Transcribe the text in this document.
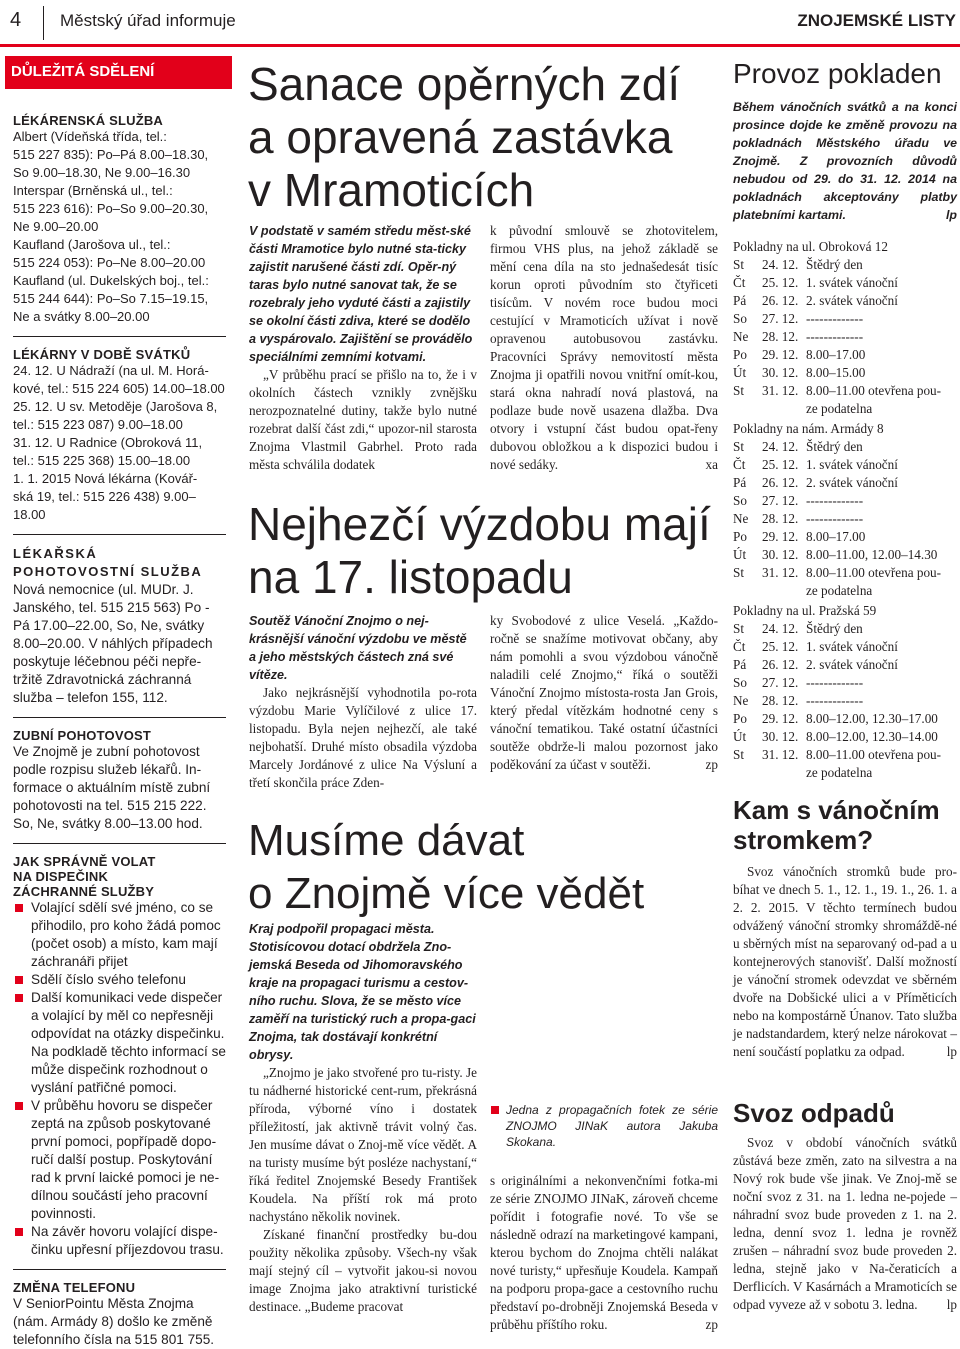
4 Městský úřad informuje	ZNOJEMSKÉ LISTY
DŮLEŽITÁ SDĚLENÍ
LÉKÁRENSKÁ SLUŽBA

Albert (Vídeňská třída, tel.:

515 227 835): Po–Pá 8.00–18.30,

So 9.00–18.30, Ne 9.00–16.30

Interspar (Brněnská ul., tel.:

515 223 616): Po–So 9.00–20.30,

Ne 9.00–20.00

Kaufland (Jarošova ul., tel.:

515 224 053): Po–Ne 8.00–20.00

Kaufland (ul. Dukelských boj., tel.:

515 244 644): Po–So 7.15–19.15,

Ne a svátky 8.00–20.00

LÉKÁRNY V DOBĚ SVÁTKŮ

24. 12. U Nádraží (na ul. M. Horá-

kové, tel.: 515 224 605) 14.00–18.00

25. 12. U sv. Metoděje (Jarošova 8,

tel.: 515 223 087) 9.00–18.00

31. 12. U Radnice (Obroková 11,

tel.: 515 225 368) 15.00–18.00

1. 1. 2015 Nová lékárna (Kovář-

ská 19, tel.: 515 226 438) 9.00–

18.00

LÉKAŘSKÁ POHOTOVOSTNÍ SLUŽBA

Nová nemocnice (ul. MUDr. J.

Janského, tel. 515 215 563) Po -

Pá 17.00–22.00, So, Ne, svátky

8.00–20.00. V náhlých případech

poskytuje léčebnou péči nepře-

tržitě Zdravotnická záchranná

služba – telefon 155, 112.

ZUBNÍ POHOTOVOST

Ve Znojmě je zubní pohotovost

podle rozpisu služeb lékařů. In-

formace o aktuálním místě zubní

pohotovosti na tel. 515 215 222.

So, Ne, svátky 8.00–13.00 hod.

JAK SPRÁVNĚ VOLAT
NA DISPEČINK
ZÁCHRANNÉ SLUŽBY
Volající sdělí své jméno, co se přihodilo, pro koho žádá pomoc (počet osob) a místo, kam mají záchranáři přijet
Sdělí číslo svého telefonu
Další komunikaci vede dispečer a volající by měl co nepřesněji odpovídat na otázky dispečinku. Na podkladě těchto informací se může dispečink rozhodnout o vyslání patřičné pomoci.
V průběhu hovoru se dispečer zeptá na způsob poskytované první pomoci, popřípadě dopo-ručí další postup. Poskytování rad k první laické pomoci je ne-dílnou součástí jeho pracovní povinnosti.
Na závěr hovoru volající dispe-činku upřesní příjezdovou trasu.
ZMĚNA TELEFONU

V SeniorPointu Města Znojma

(nám. Armády 8) došlo ke změně

telefonního čísla na 515 801 755.

Sanace opěrných zdí
a opravená zastávka
v Mramoticích
V podstatě v samém středu měst-ské části Mramotice bylo nutné sta-ticky zajistit narušené části zdí. Opěr-ný taras bylo nutné sanovat tak, že se rozebraly jeho vyduté části a zajistily se okolní části zdiva, které se dodělo a vyspárovalo. Zajištění se provádělo speciálními zemními kotvami.
„V průběhu prací se přišlo na to, že i v okolních částech vznikly zvnějšku nerozpoznatelné dutiny, takže bylo nutné rozebrat další část zdi,“ upozor-nil starosta Znojma Vlastmil Gabrhel. Proto rada města schválila dodatek
k původní smlouvě se zhotovitelem, firmou VHS plus, na jehož základě se mění cena díla na sto jednašedesát tisíc korun oproti původním sto čtyřiceti tisícům. V novém roce budou moci cestující v Mramoticích užívat i nově opravenou autobusovou zastávku. Pracovníci Správy nemovitostí města Znojma ji opatřili novou vnitřní omít-kou, stará okna nahradí nová plastová, na podlaze bude nově usazena dlažba. Dva otvory i vstupní část budou opat-řeny dubovou obložkou a k dispozici budou i nové sedáky.	xa
Nejhezčí výzdobu mají
na 17. listopadu
Soutěž Vánoční Znojmo o nej-krásnější vánoční výzdobu ve městě a jeho městských částech zná své vítěze.
Jako nejkrásnější vyhodnotila po-rota výzdobu Marie Vylíčilové z ulice 17. listopadu. Byla nejen nejhezčí, ale také nejbohatší. Druhé místo obsadila výzdoba Marcely Jordánové z ulice Na Výsluní a třetí skončila práce Zden-
ky Svobodové z ulice Veselá. „Každo-ročně se snažíme motivovat občany, aby nám pomohli a svou výzdobou vánočně naladili celé Znojmo,“ říká o soutěži Vánoční Znojmo místosta-rosta Jan Grois, který předal vítězkám hodnotné ceny s vánoční tematikou. Také ostatní účastníci soutěže obdrže-li malou pozornost jako poděkování za účast v soutěži.	zp
Musíme dávat
o Znojmě více vědět
Kraj podpořil propagaci města. Stotisícovou dotací obdržela Zno-jemská Beseda od Jihomoravského kraje na propagaci turismu a cestov-ního ruchu. Slova, že se město více zaměří na turistický ruch a propa-gaci Znojma, tak dostávají konkrétní obrysy.
„Znojmo je jako stvořené pro tu-risty. Je tu nádherné historické cent-rum, překrásná příroda, výborné víno i dostatek příležitostí, jak aktivně trávit volný čas. Jen musíme dávat o Znoj-mě více vědět. A na turisty musíme být posléze nachystaní,“ říká ředitel Znojemské Besedy František Koudela. Na příští rok má proto nachystáno několik novinek.
Získané finanční prostředky bu-dou použity několika způsoby. Všech-ny však mají stejný cíl – vytvořit jakou-si novou image Znojma jako atraktivní turistické destinace. „Budeme pracovat
Jedna z propagačních fotek ze série ZNOJMO JINaK autora Jakuba Skokana.
s originálními a nekonvenčními fotka-mi ze série ZNOJMO JINaK, zároveň chceme pořídit i fotografie nové. To vše se následně odrazí na marketingové kampani, kterou bychom do Znojma chtěli nalákat nové turisty,“ upřesňuje Koudela. Kampaň na podporu propa-gace a cestovního ruchu představí po-drobněji Znojemská Beseda v průběhu příštího roku.	zp
Provoz pokladen
Během vánočních svátků a na konci prosince dojde ke změně provozu na pokladnách Městského úřadu ve Znojmě. Z provozních důvodů nebudou od 29. do 31. 12. 2014 na pokladnách akceptovány platby platebními kartami.	lp
Pokladny na ul. Obroková 12
St	24. 12. Štědrý den
Čt	25. 12. 1. svátek vánoční
Pá	26. 12. 2. svátek vánoční
So	27. 12. -------------
Ne	28. 12. -------------
Po	29. 12. 8.00–17.00
Út	30. 12. 8.00–15.00
St	31. 12. 8.00–11.00 otevřena pou-
ze podatelna
Pokladny na nám. Armády 8
St	24. 12. Štědrý den
Čt	25. 12. 1. svátek vánoční
Pá	26. 12. 2. svátek vánoční
So	27. 12. -------------
Ne	28. 12. -------------
Po	29. 12. 8.00–17.00
Út	30. 12. 8.00–11.00, 12.00–14.30
St	31. 12. 8.00–11.00 otevřena pou-
ze podatelna
Pokladny na ul. Pražská 59
St	24. 12. Štědrý den
Čt	25. 12. 1. svátek vánoční
Pá	26. 12. 2. svátek vánoční
So	27. 12. -------------
Ne	28. 12. -------------
Po	29. 12. 8.00–12.00, 12.30–17.00
Út	30. 12. 8.00–12.00, 12.30–14.00
St	31. 12. 8.00–11.00 otevřena pou-
ze podatelna
Kam s vánočním
stromkem?
Svoz vánočních stromků bude pro-bíhat ve dnech 5. 1., 12. 1., 19. 1., 26. 1. a 2. 2. 2015. V těchto termínech budou odvážený vánoční stromky shromáždě-né u sběrných míst na separovaný od-pad a u kontejnerových stanovišť. Další možností je vánoční stromek odevzdat ve sběrném dvoře na Dobšické ulici a v Příměticích nebo na kompostárně Únanov. Tato služba je nadstandardem, který nelze nárokovat – není součástí poplatku za odpad.	lp
Svoz odpadů
Svoz v období vánočních svátků zůstává beze změn, zato na silvestra a na Nový rok bude vše jinak. Ve Znoj-mě se noční svoz z 31. na 1. ledna ne-pojede – náhradní svoz bude proveden z 1. na 2. ledna, denní svoz 1. ledna je rovněž zrušen – náhradní svoz bude proveden 2. ledna, stejně jako v Na-čeraticích a Derflicích. V Kasárnách a Mramoticích se odpad vyveze až v sobotu 3. ledna.	lp
